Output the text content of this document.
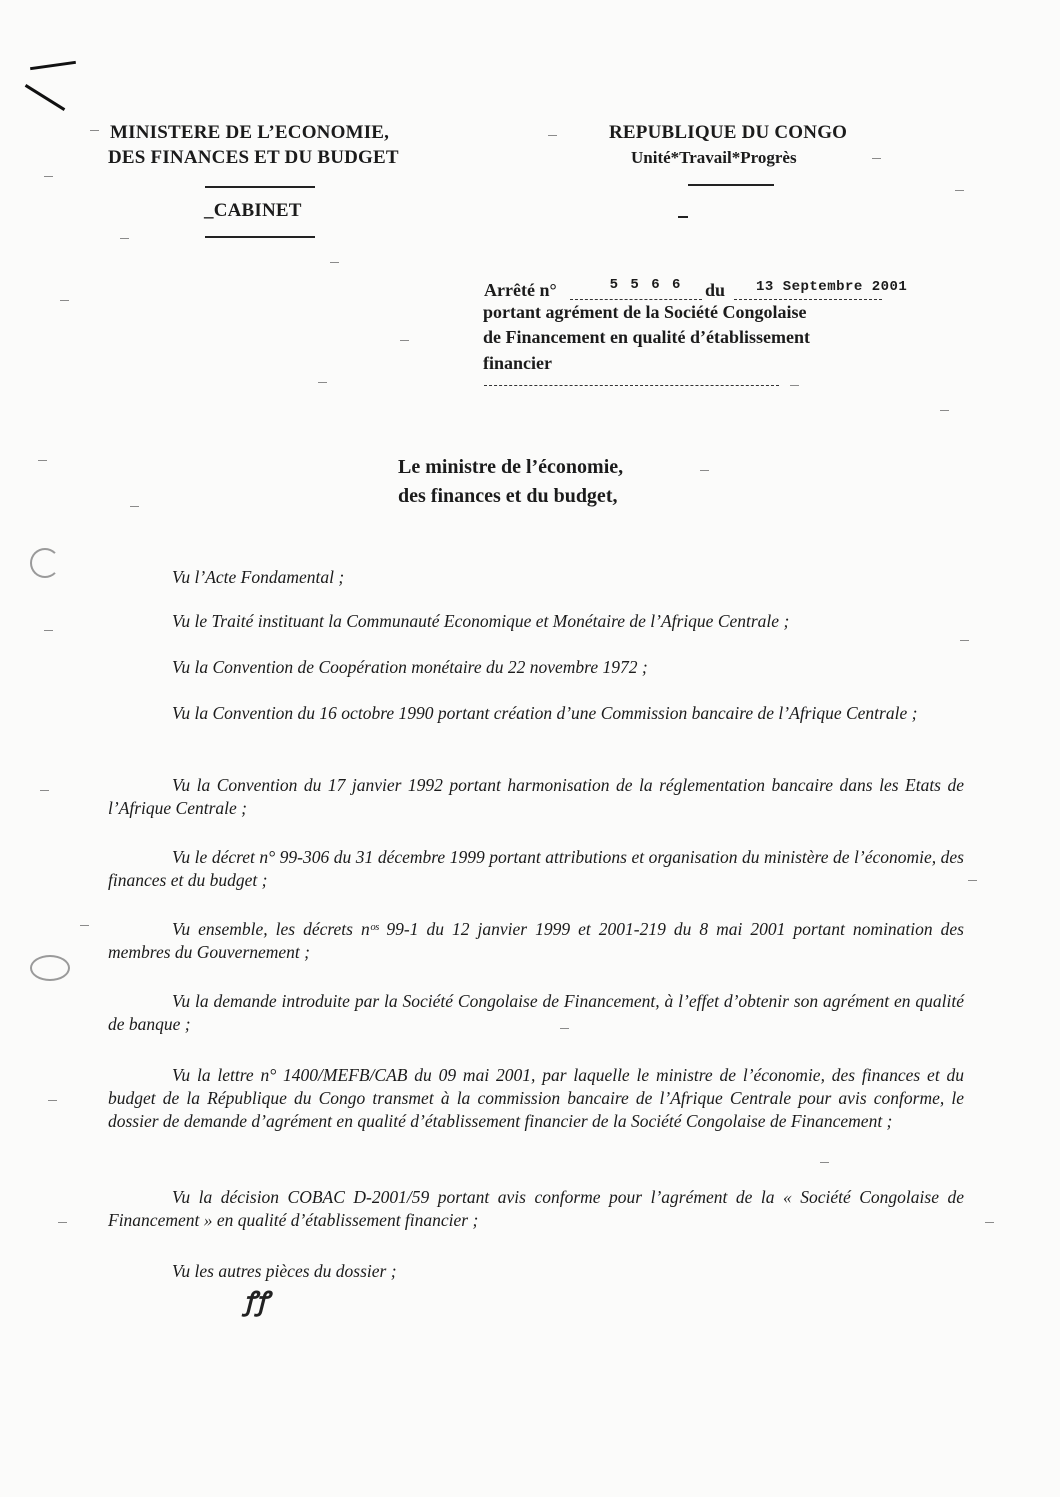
MINISTERE DE L’ECONOMIE,
DES FINANCES ET DU BUDGET
_CABINET
REPUBLIQUE DU CONGO
Unité*Travail*Progrès
Arrêté n°	5 5 6 6	du 13 Septembre 2001
portant agrément de la Société Congolaise
de Financement en qualité d’établissement
financier
Le ministre de l’économie,
des finances et du budget,
Vu l’Acte Fondamental ;
Vu le Traité instituant la Communauté Economique et Monétaire de l’Afrique Centrale ;
Vu la Convention de Coopération monétaire du 22 novembre 1972 ;
Vu la Convention du 16 octobre 1990 portant création d’une Commission bancaire de l’Afrique Centrale ;
Vu la Convention du 17 janvier 1992 portant harmonisation de la réglementation bancaire dans les Etats de l’Afrique Centrale ;
Vu le décret n° 99-306 du 31 décembre 1999 portant attributions et organisation du ministère de l’économie, des finances et du budget ;
Vu ensemble, les décrets nᵒˢ 99-1 du 12 janvier 1999 et 2001-219 du 8 mai 2001 portant nomination des membres du Gouvernement ;
Vu la demande introduite par la Société Congolaise de Financement, à l’effet d’obtenir son agrément en qualité de banque ;
Vu la lettre n° 1400/MEFB/CAB du 09 mai 2001, par laquelle le ministre de l’économie, des finances et du budget de la République du Congo transmet à la commission bancaire de l’Afrique Centrale pour avis conforme, le dossier de demande d’agrément en qualité d’établissement financier de la Société Congolaise de Financement ;
Vu la décision COBAC D-2001/59 portant avis conforme pour l’agrément de la « Société Congolaise de Financement » en qualité d’établissement financier ;
Vu les autres pièces du dossier ;
ꝭꝭ
